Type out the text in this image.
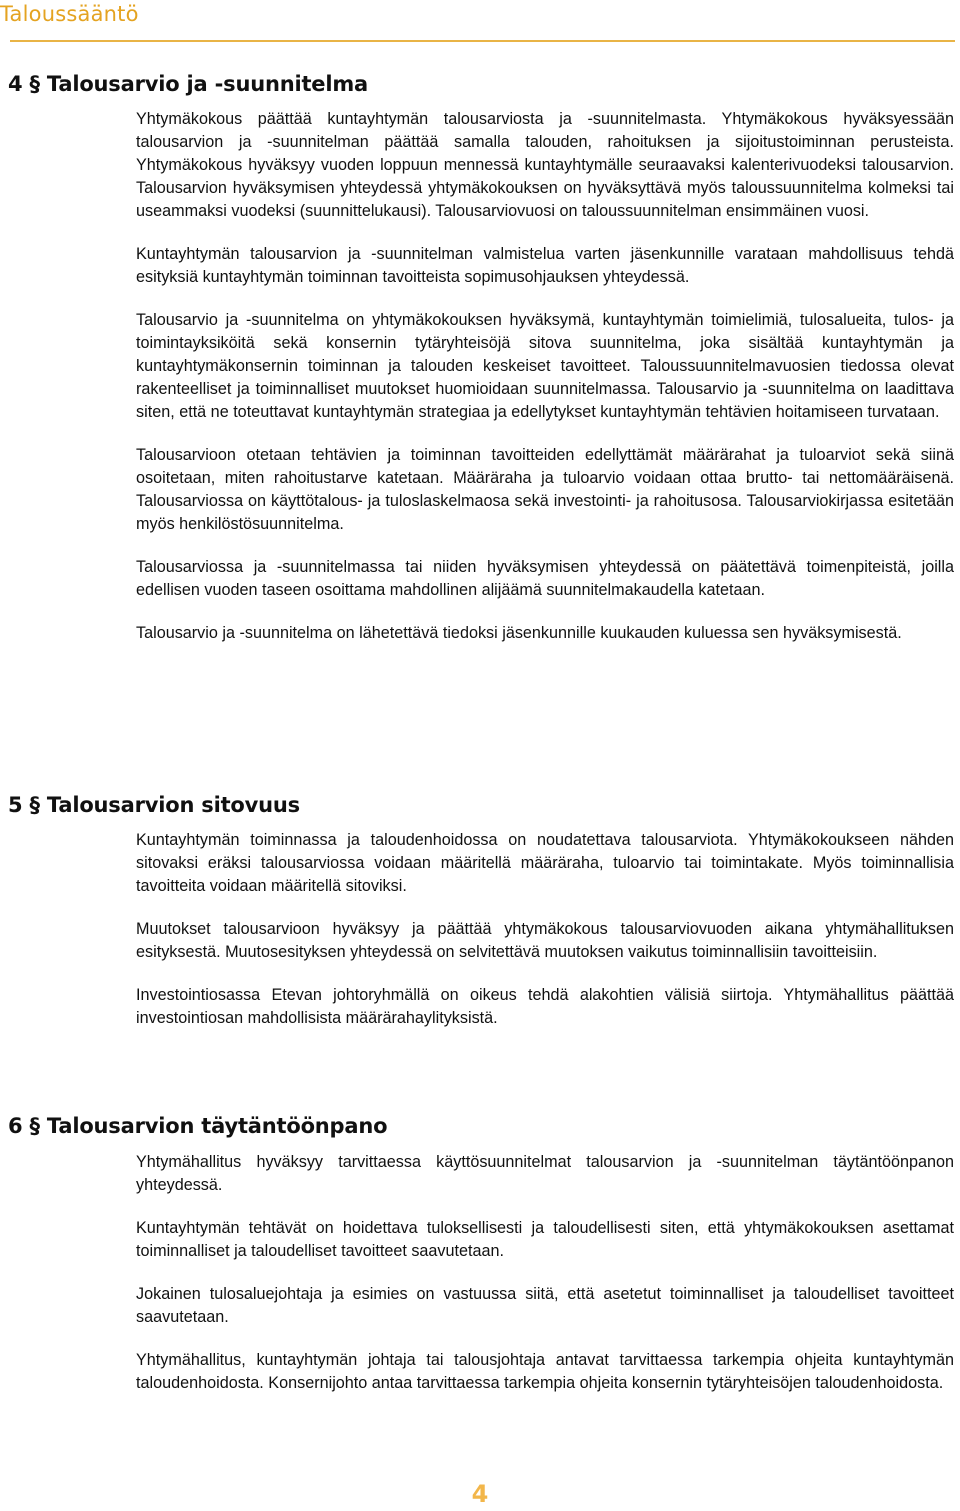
Taloussääntö
4 § Talousarvio ja -suunnitelma

Yhtymäkokous päättää kuntayhtymän talousarviosta ja -suunnitelmasta. Yhtymäkokous hyväksyessään talousarvion ja -suunnitelman päättää samalla talouden, rahoituksen ja sijoitustoiminnan perusteista. Yhtymäkokous hyväksyy vuoden loppuun mennessä kuntayhtymälle seuraavaksi kalenterivuodeksi talousarvion. Talousarvion hyväksymisen yhteydessä yhtymäkokouksen on hyväksyttävä myös taloussuunnitelma kolmeksi tai useammaksi vuodeksi (suunnittelukausi). Talousarviovuosi on taloussuunnitelman ensimmäinen vuosi.

Kuntayhtymän talousarvion ja -suunnitelman valmistelua varten jäsenkunnille varataan mahdollisuus tehdä esityksiä kuntayhtymän toiminnan tavoitteista sopimusohjauksen yhteydessä.

Talousarvio ja -suunnitelma on yhtymäkokouksen hyväksymä, kuntayhtymän toimielimiä, tulosalueita, tulos- ja toimintayksiköitä sekä konsernin tytäryhteisöjä sitova suunnitelma, joka sisältää kuntayhtymän ja kuntayhtymäkonsernin toiminnan ja talouden keskeiset tavoitteet. Taloussuunnitelmavuosien tiedossa olevat rakenteelliset ja toiminnalliset muutokset huomioidaan suunnitelmassa. Talousarvio ja -suunnitelma on laadittava siten, että ne toteuttavat kuntayhtymän strategiaa ja edellytykset kuntayhtymän tehtävien hoitamiseen turvataan.

Talousarvioon otetaan tehtävien ja toiminnan tavoitteiden edellyttämät määrärahat ja tuloarviot sekä siinä osoitetaan, miten rahoitustarve katetaan. Määräraha ja tuloarvio voidaan ottaa brutto- tai nettomääräisenä. Talousarviossa on käyttötalous- ja tuloslaskelmaosa sekä investointi- ja rahoitusosa. Talousarviokirjassa esitetään myös henkilöstösuunnitelma.

Talousarviossa ja -suunnitelmassa tai niiden hyväksymisen yhteydessä on päätettävä toimenpiteistä, joilla edellisen vuoden taseen osoittama mahdollinen alijäämä suunnitelmakaudella katetaan.

Talousarvio ja -suunnitelma on lähetettävä tiedoksi jäsenkunnille kuukauden kuluessa sen hyväksymisestä.

5 § Talousarvion sitovuus

Kuntayhtymän toiminnassa ja taloudenhoidossa on noudatettava talousarviota. Yhtymäkokoukseen nähden sitovaksi eräksi talousarviossa voidaan määritellä määräraha, tuloarvio tai toimintakate. Myös toiminnallisia tavoitteita voidaan määritellä sitoviksi.

Muutokset talousarvioon hyväksyy ja päättää yhtymäkokous talousarviovuoden aikana yhtymähallituksen esityksestä. Muutosesityksen yhteydessä on selvitettävä muutoksen vaikutus toiminnallisiin tavoitteisiin.

Investointiosassa Etevan johtoryhmällä on oikeus tehdä alakohtien välisiä siirtoja. Yhtymähallitus päättää investointiosan mahdollisista määrärahaylityksistä.

6 § Talousarvion täytäntöönpano

Yhtymähallitus hyväksyy tarvittaessa käyttösuunnitelmat talousarvion ja -suunnitelman täytäntöönpanon yhteydessä.

Kuntayhtymän tehtävät on hoidettava tuloksellisesti ja taloudellisesti siten, että yhtymäkokouksen asettamat toiminnalliset ja taloudelliset tavoitteet saavutetaan.

Jokainen tulosaluejohtaja ja esimies on vastuussa siitä, että asetetut toiminnalliset ja taloudelliset tavoitteet saavutetaan.

Yhtymähallitus, kuntayhtymän johtaja tai talousjohtaja antavat tarvittaessa tarkempia ohjeita kuntayhtymän taloudenhoidosta. Konsernijohto antaa tarvittaessa tarkempia ohjeita konsernin tytäryhteisöjen taloudenhoidosta.

4
